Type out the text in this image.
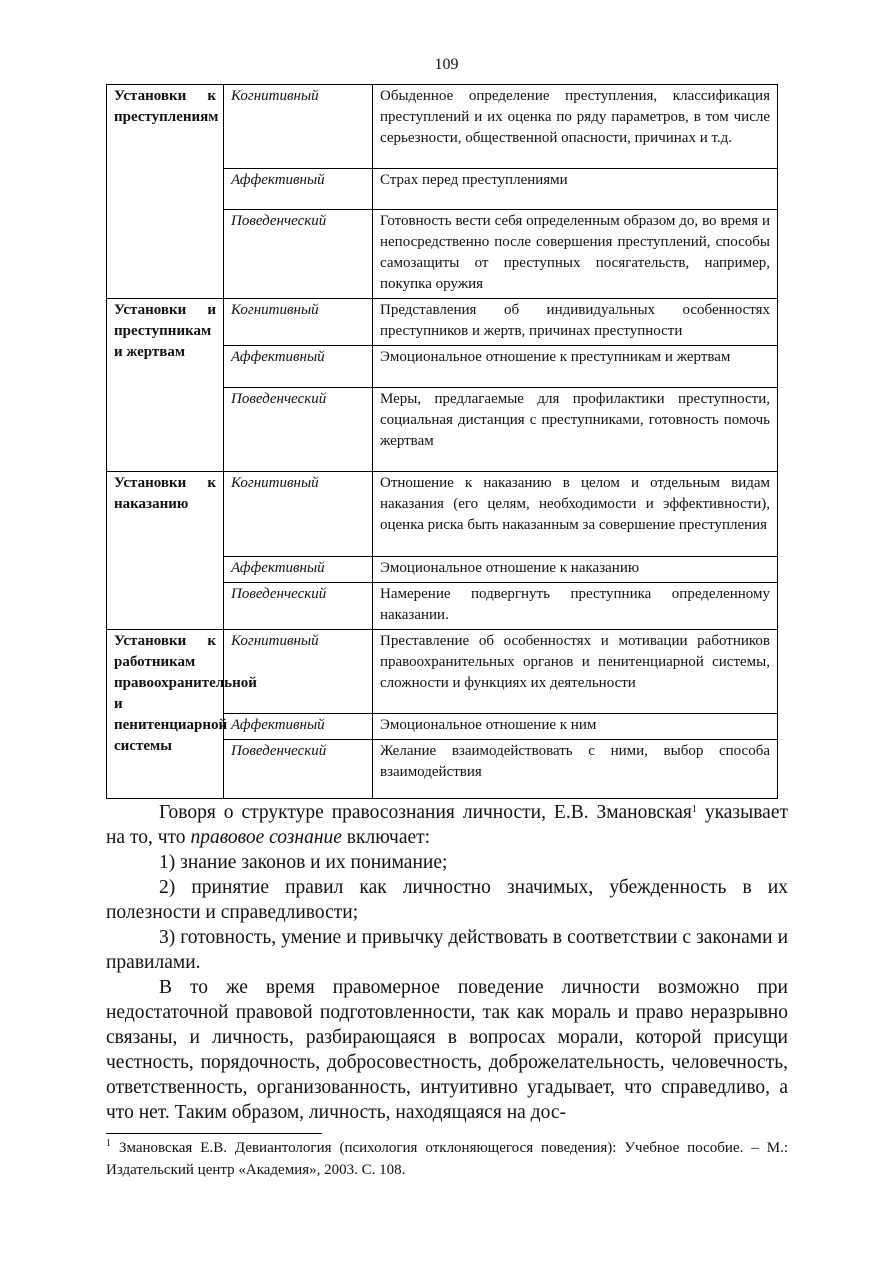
109
Установки к преступлениям	Когнитивный	Обыденное определение преступления, классификация преступлений и их оценка по ряду параметров, в том числе серьезности, общественной опасности, причинах и т.д.
	Аффективный	Страх перед преступлениями
	Поведенческий	Готовность вести себя определенным образом до, во время и непосредственно после совершения преступлений, способы самозащиты от преступных посягательств, например, покупка оружия
Установки и преступникам и жертвам	Когнитивный	Представления об индивидуальных особенностях преступников и жертв, причинах преступности
	Аффективный	Эмоциональное отношение к преступникам и жертвам
	Поведенческий	Меры, предлагаемые для профилактики преступности, социальная дистанция с преступниками, готовность помочь жертвам
Установки к наказанию	Когнитивный	Отношение к наказанию в целом и отдельным видам наказания (его целям, необходимости и эффективности), оценка риска быть наказанным за совершение преступления
	Аффективный	Эмоциональное отношение к наказанию
	Поведенческий	Намерение подвергнуть преступника определенному наказании.
Установки к работникам правоохранительной и пенитенциарной системы	Когнитивный	Преставление об особенностях и мотивации работников правоохранительных органов и пенитенциарной системы, сложности и функциях их деятельности
	Аффективный	Эмоциональное отношение к ним
	Поведенческий	Желание взаимодействовать с ними, выбор способа взаимодействия

Говоря о структуре правосознания личности, Е.В. Змановская$^1$ указывает на то, что правовое сознание включает:

1) знание законов и их понимание;

2) принятие правил как личностно значимых, убежденность в их полезности и справедливости;

3) готовность, умение и привычку действовать в соответствии с законами и правилами.

В то же время правомерное поведение личности возможно при недостаточной правовой подготовленности, так как мораль и право неразрывно связаны, и личность, разбирающаяся в вопросах морали, которой присущи честность, порядочность, добросовестность, доброжелательность, человечность, ответственность, организованность, интуитивно угадывает, что справедливо, а что нет. Таким образом, личность, находящаяся на дос-

$^1$ Змановская Е.В. Девиантология (психология отклоняющегося поведения): Учебное пособие. – М.: Издательский центр «Академия», 2003. С. 108.
